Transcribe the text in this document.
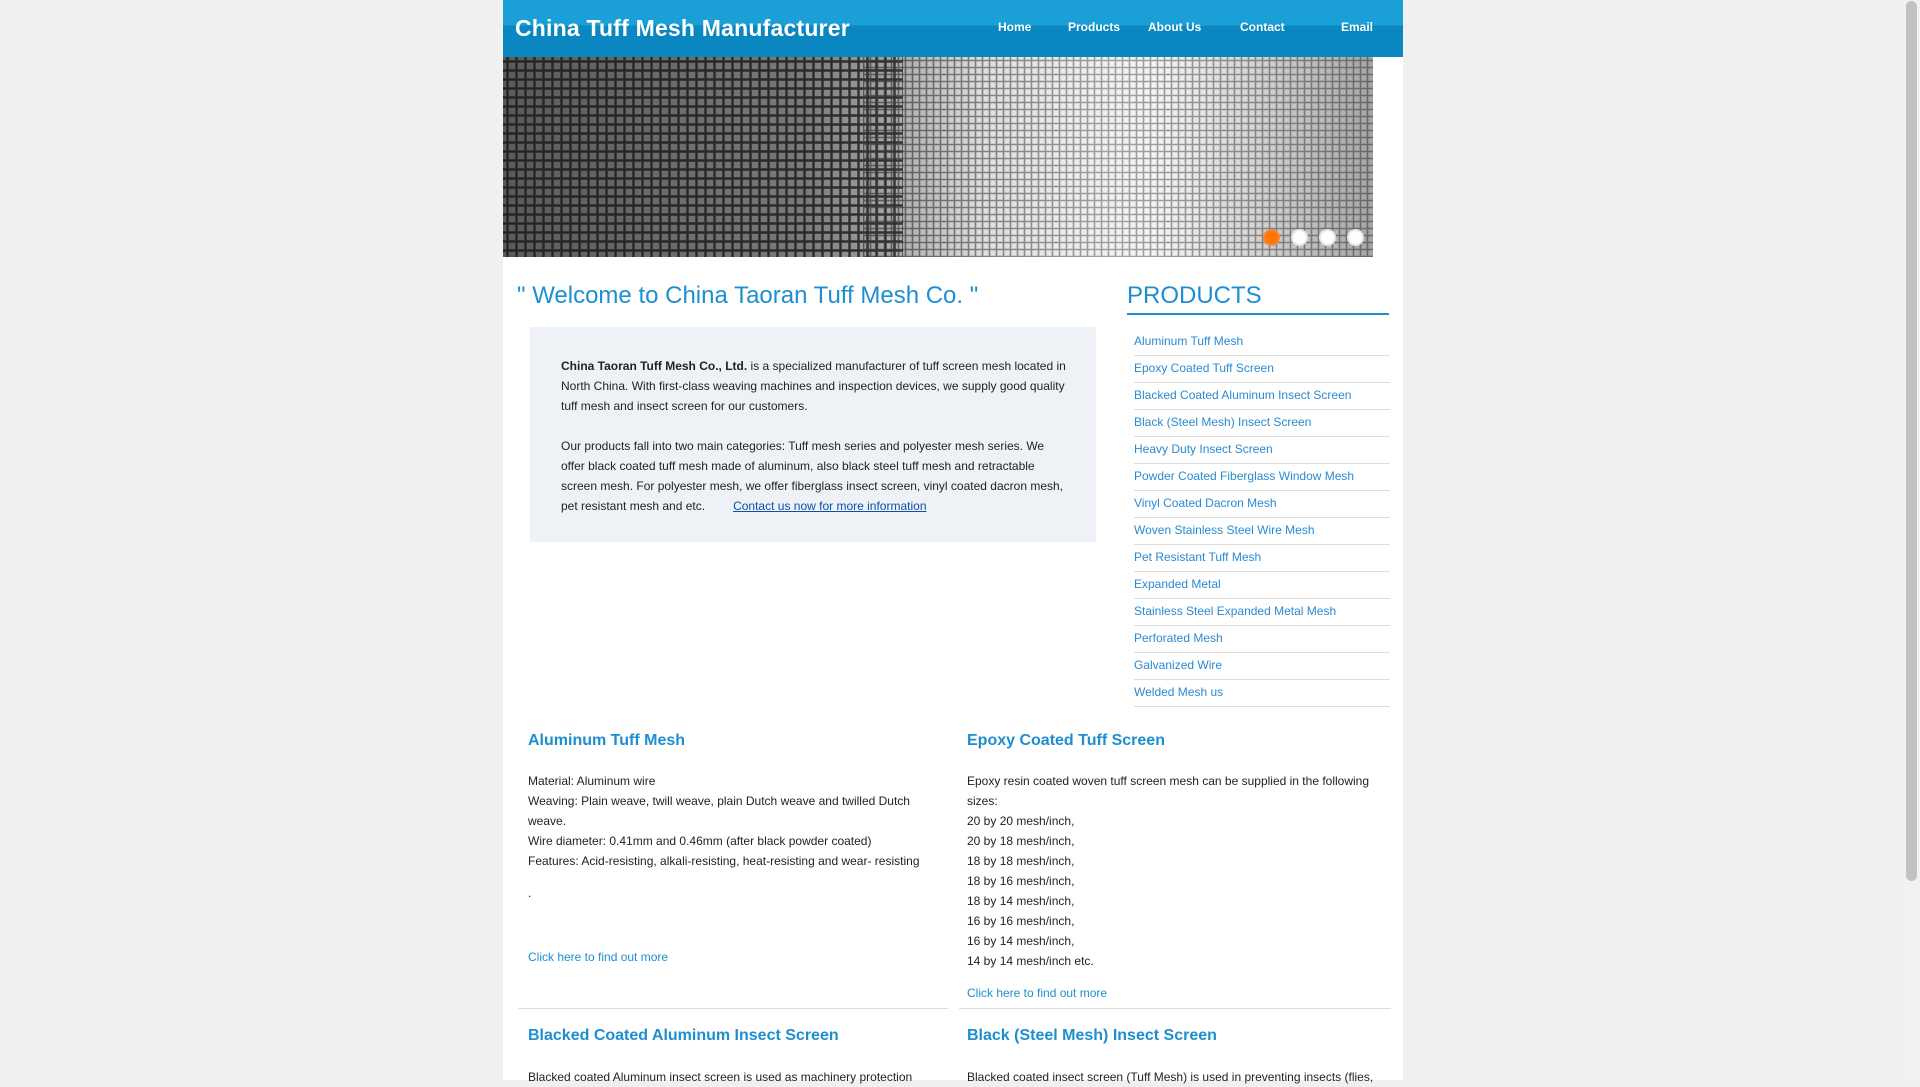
China Tuff Mesh Manufacturer	Home	Products About Us	Contact	Email
" Welcome to China Taoran Tuff Mesh Co. "

China Taoran Tuff Mesh Co., Ltd. is a specialized manufacturer of tuff screen mesh located in North China. With first-class weaving machines and inspection devices, we supply good quality tuff mesh and insect screen for our customers.

Our products fall into two main categories: Tuff mesh series and polyester mesh series. We offer black coated tuff mesh made of aluminum, also black steel tuff mesh and retractable screen mesh. For polyester mesh, we offer fiberglass insect screen, vinyl coated dacron mesh, pet resistant mesh and etc. Contact us now for more information

PRODUCTS
Aluminum Tuff Mesh
Epoxy Coated Tuff Screen
Blacked Coated Aluminum Insect Screen
Black (Steel Mesh) Insect Screen
Heavy Duty Insect Screen
Powder Coated Fiberglass Window Mesh
Vinyl Coated Dacron Mesh
Woven Stainless Steel Wire Mesh
Pet Resistant Tuff Mesh
Expanded Metal
Stainless Steel Expanded Metal Mesh
Perforated Mesh
Galvanized Wire
Welded Mesh us
Aluminum Tuff Mesh
Material: Aluminum wire
Weaving: Plain weave, twill weave, plain Dutch weave and twilled Dutch
weave.
Wire diameter: 0.41mm and 0.46mm (after black powder coated)
Features: Acid-resisting, alkali-resisting, heat-resisting and wear- resisting
.
Click here to find out more
Epoxy Coated Tuff Screen
Epoxy resin coated woven tuff screen mesh can be supplied in the following
sizes:
20 by 20 mesh/inch,
20 by 18 mesh/inch,
18 by 18 mesh/inch,
18 by 16 mesh/inch,
18 by 14 mesh/inch,
16 by 16 mesh/inch,
16 by 14 mesh/inch,
14 by 14 mesh/inch etc.
Click here to find out more
Blacked Coated Aluminum Insect Screen
Blacked coated Aluminum insect screen is used as machinery protection
Black (Steel Mesh) Insect Screen
Blacked coated insect screen (Tuff Mesh) is used in preventing insects (flies,
